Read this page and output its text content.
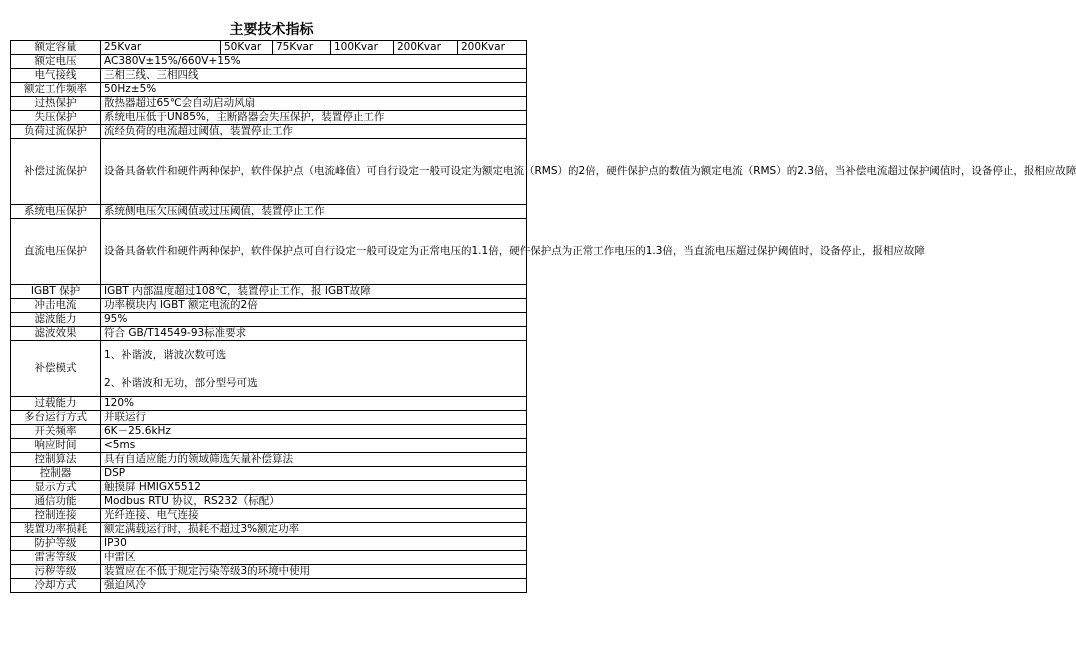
主要技术指标
额定容量	25Kvar	50Kvar	75Kvar	100Kvar	200Kvar	200Kvar
额定电压	AC380V±15%/660V+15%					
电气接线	三相三线、三相四线					
额定工作频率	50Hz±5%					
过热保护	散热器超过65℃会自动启动风扇					
失压保护	系统电压低于UN85%，主断路器会失压保护，装置停止工作					
负荷过流保护	流经负荷的电流超过阈值，装置停止工作					
补偿过流保护	设备具备软件和硬件两种保护，软件保护点（电流峰值）可自行设定一般可设定为额定电流（RMS）的2倍，硬件保护点的数值为额定电流（RMS）的2.3倍，当补偿电流超过保护阈值时，设备停止，报相应故障					
系统电压保护	系统侧电压欠压阈值或过压阈值，装置停止工作					
直流电压保护	设备具备软件和硬件两种保护，软件保护点可自行设定一般可设定为正常电压的1.1倍，硬件保护点为正常工作电压的1.3倍，当直流电压超过保护阈值时，设备停止，报相应故障					
IGBT 保护	IGBT 内部温度超过108℃，装置停止工作，报 IGBT故障					
冲击电流	功率模块内 IGBT 额定电流的2倍					
滤波能力	95%					
滤波效果	符合 GB/T14549-93标准要求					
补偿模式	1、补谐波，谐波次数可选
2、补谐波和无功，部分型号可选					

过载能力	120%					
多台运行方式	并联运行					
开关频率	6K－25.6kHz					
响应时间	<5ms					
控制算法	具有自适应能力的领域筛选矢量补偿算法					
控制器	DSP					
显示方式	触摸屏 HMIGX5512					
通信功能	Modbus RTU 协议，RS232（标配）					
控制连接	光纤连接、电气连接					
装置功率损耗	额定满载运行时，损耗不超过3%额定功率					
防护等级	IP30					
雷害等级	中雷区					
污秽等级	装置应在不低于规定污染等级3的环境中使用					
冷却方式	强迫风冷					
